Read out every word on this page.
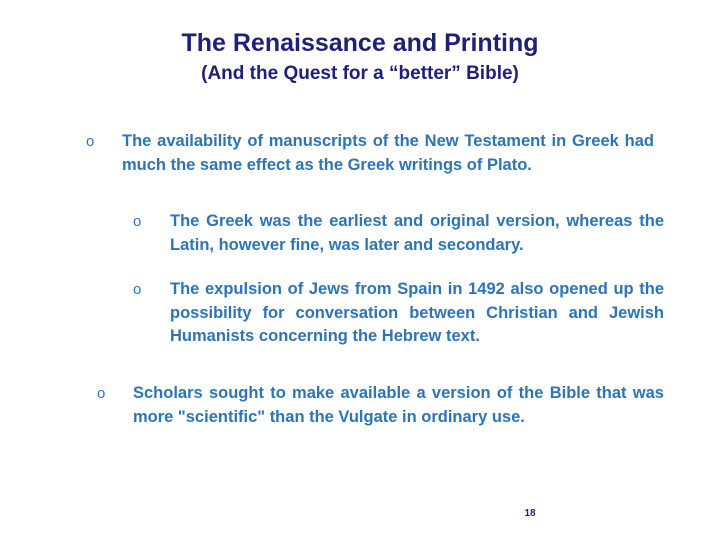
The Renaissance and Printing
(And the Quest for a “better” Bible)
o The availability of manuscripts of the New Testament in Greek had much the same effect as the Greek writings of Plato.
o The Greek was the earliest and original version, whereas the Latin, however fine, was later and secondary.
o The expulsion of Jews from Spain in 1492 also opened up the possibility for conversation between Christian and Jewish Humanists concerning the Hebrew text.
o Scholars sought to make available a version of the Bible that was more "scientific" than the Vulgate in ordinary use.
18
